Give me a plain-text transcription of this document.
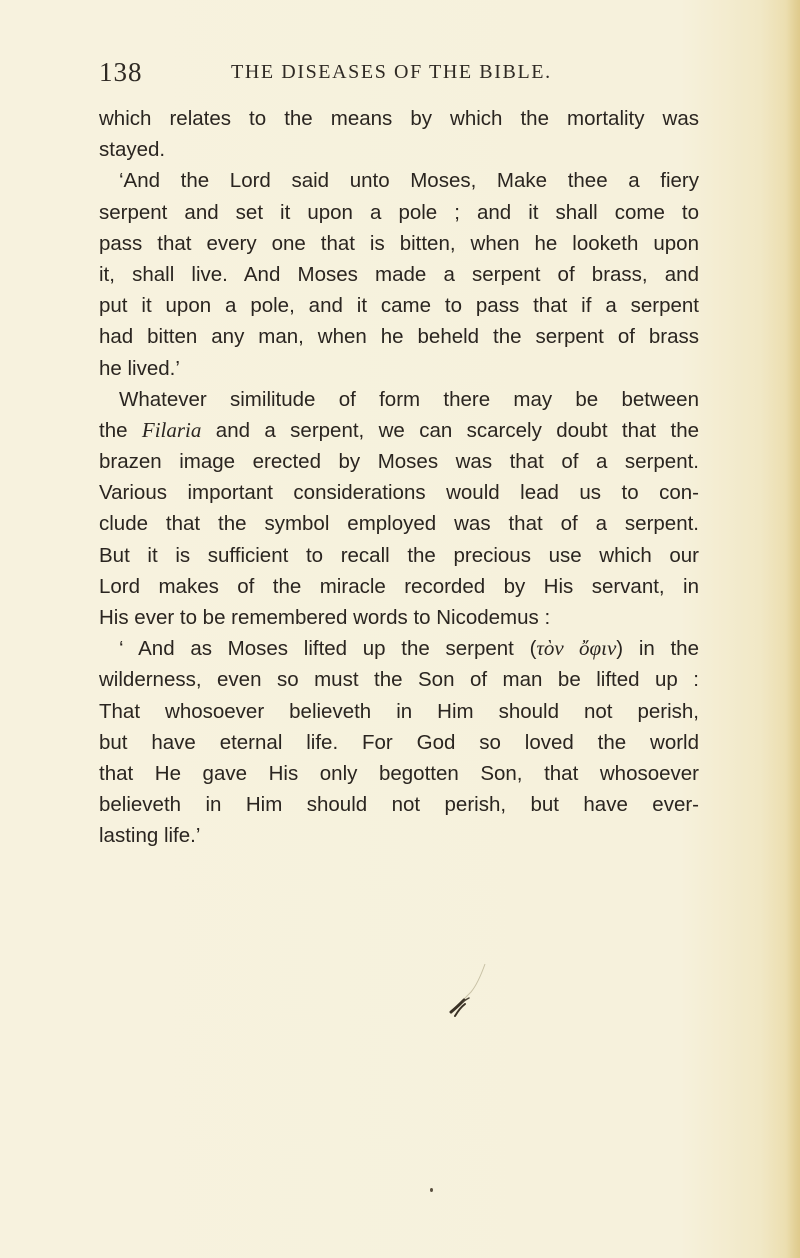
138	THE DISEASES OF THE BIBLE.
which relates to the means by which the mortality was
stayed.
‘And the Lord said unto Moses, Make thee a fiery
serpent and set it upon a pole ; and it shall come to
pass that every one that is bitten, when he looketh upon
it, shall live. And Moses made a serpent of brass, and
put it upon a pole, and it came to pass that if a serpent
had bitten any man, when he beheld the serpent of brass
he lived.’
Whatever similitude of form there may be between
the Filaria and a serpent, we can scarcely doubt that the
brazen image erected by Moses was that of a serpent.
Various important considerations would lead us to con-
clude that the symbol employed was that of a serpent.
But it is sufficient to recall the precious use which our
Lord makes of the miracle recorded by His servant, in
His ever to be remembered words to Nicodemus :
‘ And as Moses lifted up the serpent (τὸν ὄφιν) in the
wilderness, even so must the Son of man be lifted up :
That whosoever believeth in Him should not perish,
but have eternal life. For God so loved the world
that He gave His only begotten Son, that whosoever
believeth in Him should not perish, but have ever-
lasting life.’
